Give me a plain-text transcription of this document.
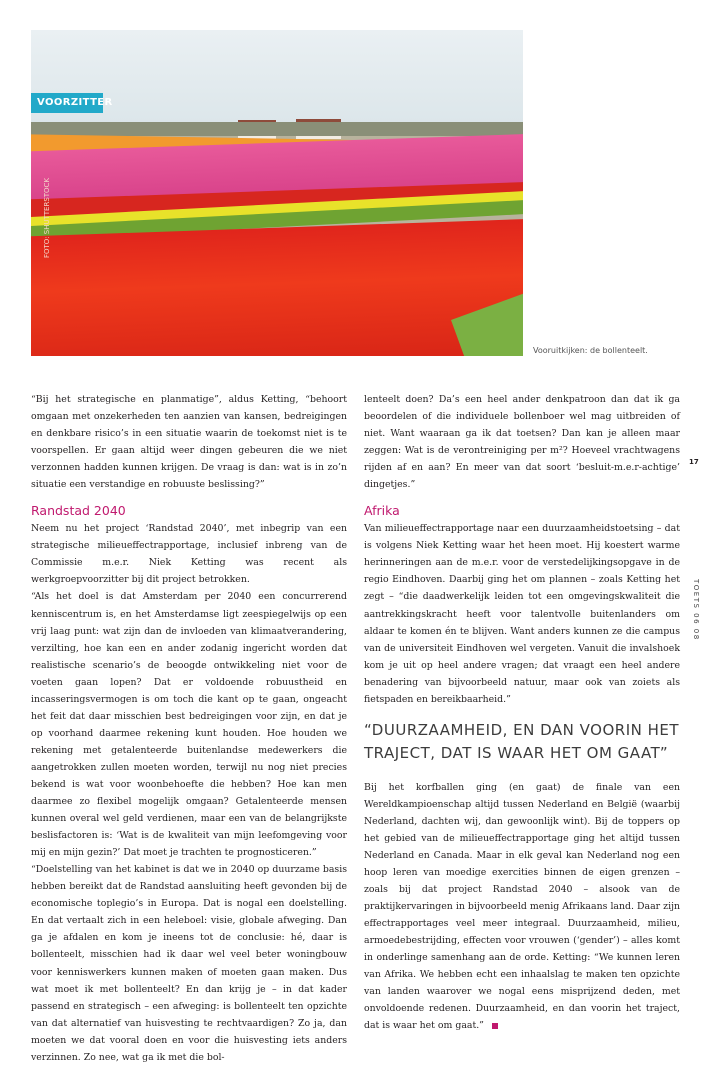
VOORZITTER
FOTO: SHUTTERSTOCK
Vooruitkijken: de bollenteelt.
17
TOETS 06 08

“Bij het strategische en planmatige”, aldus Ketting, “behoort omgaan met onzekerheden ten aanzien van kansen, bedreigingen en denkbare risico’s in een situatie waarin de toekomst niet is te voorspellen. Er gaan altijd weer dingen gebeuren die we niet verzonnen hadden kunnen krijgen. De vraag is dan: wat is in zo’n situatie een verstandige en robuuste beslissing?”

Randstad 2040

Neem nu het project ‘Randstad 2040’, met inbegrip van een strategische milieueffectrapportage, inclusief inbreng van de Commissie m.e.r. Niek Ketting was recent als werkgroepvoorzitter bij dit project betrokken.

“Als het doel is dat Amsterdam per 2040 een concurrerend kenniscentrum is, en het Amsterdamse ligt zeespiegelwijs op een vrij laag punt: wat zijn dan de invloeden van klimaatverandering, verzilting, hoe kan een en ander zodanig ingericht worden dat realistische scenario’s de beoogde ontwikkeling niet voor de voeten gaan lopen? Dat er voldoende robuustheid en incasseringsvermogen is om toch die kant op te gaan, ongeacht het feit dat daar misschien best bedreigingen voor zijn, en dat je op voorhand daarmee rekening kunt houden. Hoe houden we rekening met getalenteerde buitenlandse medewerkers die aangetrokken zullen moeten worden, terwijl nu nog niet precies bekend is wat voor woonbehoefte die hebben? Hoe kan men daarmee zo flexibel mogelijk omgaan? Getalenteerde mensen kunnen overal wel geld verdienen, maar een van de belangrijkste beslisfactoren is: ‘Wat is de kwaliteit van mijn leefomgeving voor mij en mijn gezin?’ Dat moet je trachten te prognosticeren.”

“Doelstelling van het kabinet is dat we in 2040 op duurzame basis hebben bereikt dat de Randstad aansluiting heeft gevonden bij de economische toplegio’s in Europa. Dat is nogal een doelstelling. En dat vertaalt zich in een heleboel: visie, globale afweging. Dan ga je afdalen en kom je ineens tot de conclusie: hé, daar is bollenteelt, misschien had ik daar wel veel beter woningbouw voor kenniswerkers kunnen maken of moeten gaan maken. Dus wat moet ik met bollenteelt? En dan krijg je – in dat kader passend en strategisch – een afweging: is bollenteelt ten opzichte van dat alternatief van huisvesting te rechtvaardigen? Zo ja, dan moeten we dat vooral doen en voor die huisvesting iets anders verzinnen. Zo nee, wat ga ik met die bol-

lenteelt doen? Da’s een heel ander denkpatroon dan dat ik ga beoordelen of die individuele bollenboer wel mag uitbreiden of niet. Want waaraan ga ik dat toetsen? Dan kan je alleen maar zeggen: Wat is de verontreiniging per m²? Hoeveel vrachtwagens rijden af en aan? En meer van dat soort ‘besluit-m.e.r-achtige’ dingetjes.”

Afrika

Van milieueffectrapportage naar een duurzaamheidstoetsing – dat is volgens Niek Ketting waar het heen moet. Hij koestert warme herinneringen aan de m.e.r. voor de verstedelijkingsopgave in de regio Eindhoven. Daarbij ging het om plannen – zoals Ketting het zegt – “die daadwerkelijk leiden tot een omgevingskwaliteit die aantrekkingskracht heeft voor talentvolle buitenlanders om aldaar te komen én te blijven. Want anders kunnen ze die campus van de universiteit Eindhoven wel vergeten. Vanuit die invalshoek kom je uit op heel andere vragen; dat vraagt een heel andere benadering van bijvoorbeeld natuur, maar ook van zoiets als fietspaden en bereikbaarheid.”

“DUURZAAMHEID, EN DAN VOORIN HET TRAJECT, DAT IS WAAR HET OM GAAT”

Bij het korfballen ging (en gaat) de finale van een Wereldkampioenschap altijd tussen Nederland en België (waarbij Nederland, dachten wij, dan gewoonlijk wint). Bij de toppers op het gebied van de milieueffectrapportage ging het altijd tussen Nederland en Canada. Maar in elk geval kan Nederland nog een hoop leren van moedige exercities binnen de eigen grenzen – zoals bij dat project Randstad 2040 – alsook van de praktijkervaringen in bijvoorbeeld menig Afrikaans land. Daar zijn effectrapportages veel meer integraal. Duurzaamheid, milieu, armoedebestrijding, effecten voor vrouwen (‘gender’) – alles komt in onderlinge samenhang aan de orde. Ketting: “We kunnen leren van Afrika. We hebben echt een inhaalslag te maken ten opzichte van landen waarover we nogal eens misprijzend deden, met onvoldoende redenen. Duurzaamheid, en dan voorin het traject, dat is waar het om gaat.”
